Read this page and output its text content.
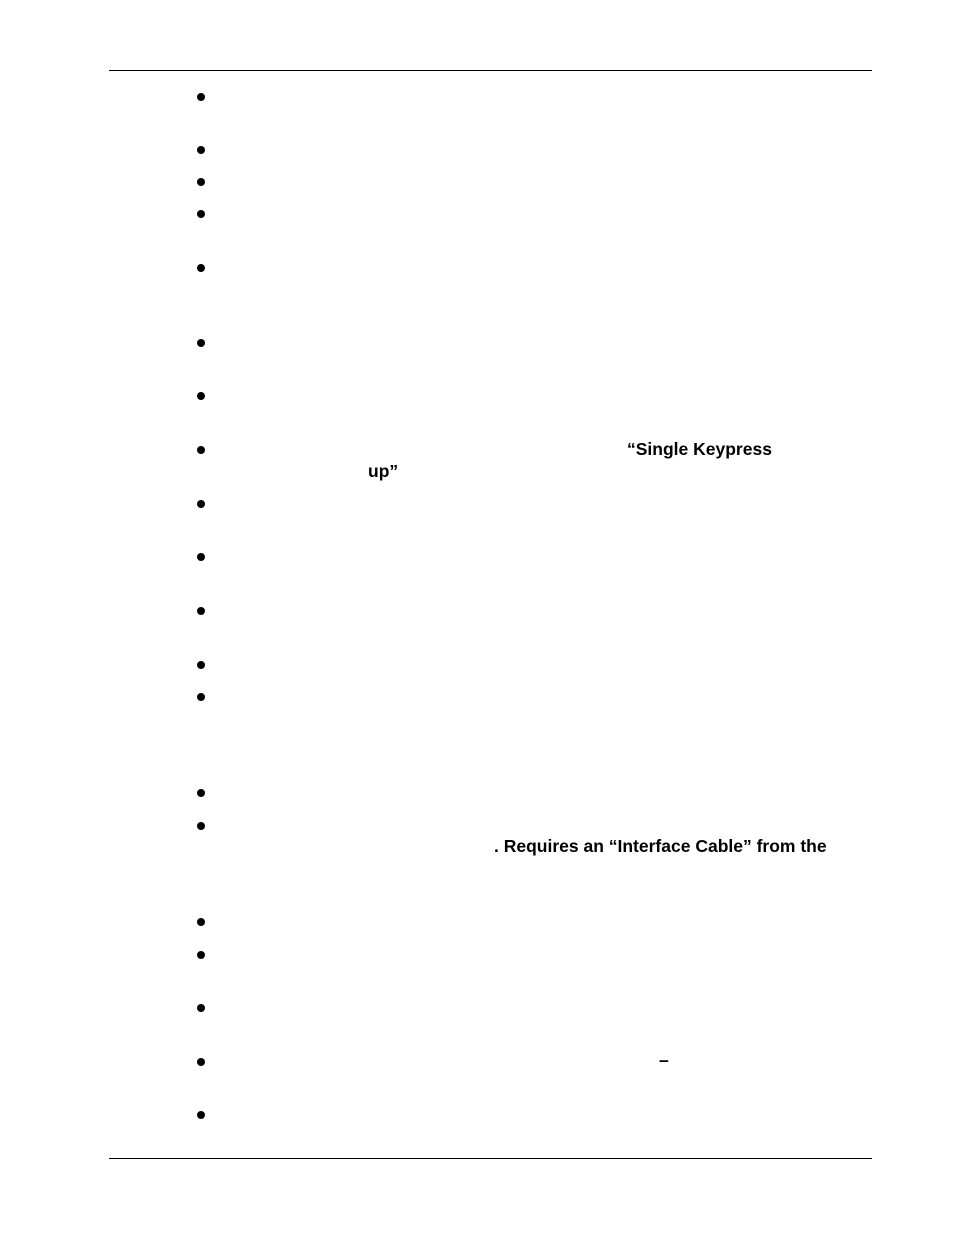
“Single Keypress
up”
. Requires an “Interface Cable” from the
–
